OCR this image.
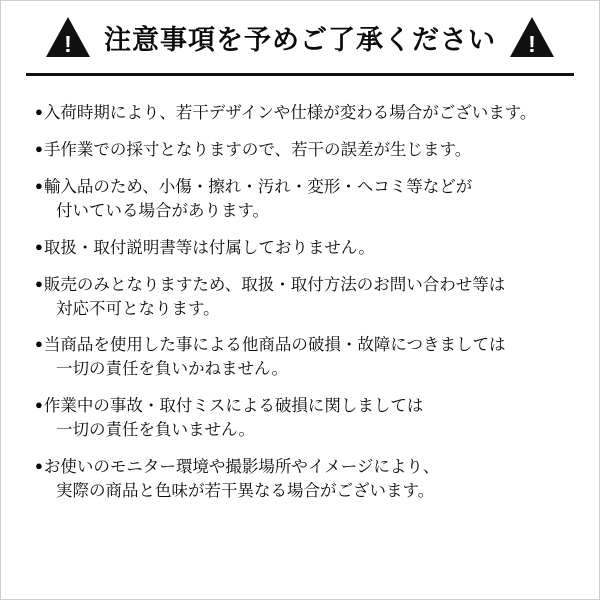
!	注意事項を予めご了承ください	!
●入荷時期により、若干デザインや仕様が変わる場合がございます。
●手作業での採寸となりますので、若干の誤差が生じます。
●輸入品のため、小傷・擦れ・汚れ・変形・ヘコミ等などが
付いている場合があります。
●取扱・取付説明書等は付属しておりません。
●販売のみとなりますため、取扱・取付方法のお問い合わせ等は
対応不可となります。
●当商品を使用した事による他商品の破損・故障につきましては
一切の責任を負いかねません。
●作業中の事故・取付ミスによる破損に関しましては
一切の責任を負いません。
●お使いのモニター環境や撮影場所やイメージにより、
実際の商品と色味が若干異なる場合がございます。
